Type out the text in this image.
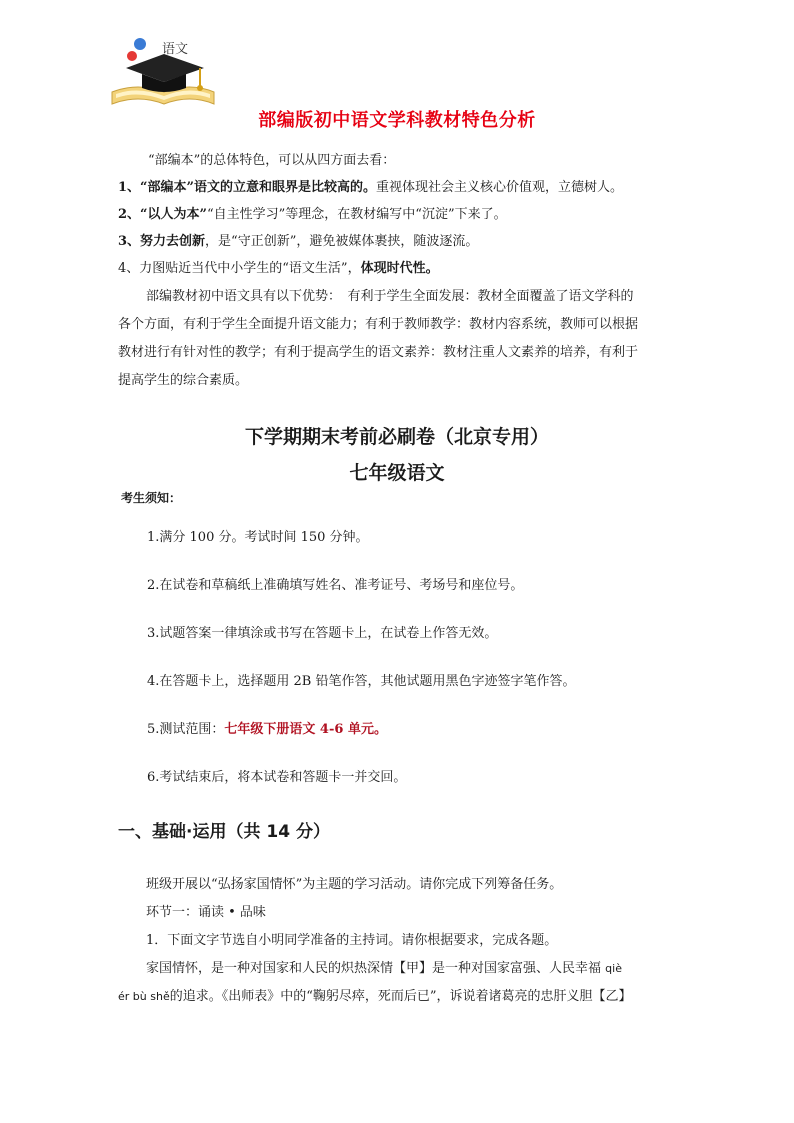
语文
部编版初中语文学科教材特色分析
“部编本”的总体特色，可以从四方面去看：
1、“部编本”语文的立意和眼界是比较高的。重视体现社会主义核心价值观，立德树人。
2、“以人为本”“自主性学习”等理念，在教材编写中“沉淀”下来了。
3、努力去创新，是“守正创新”，避免被媒体裹挟，随波逐流。
4、力图贴近当代中小学生的“语文生活”，体现时代性。
部编教材初中语文具有以下优势：　有利于学生全面发展：教材全面覆盖了语文学科的
各个方面，有利于学生全面提升语文能力；有利于教师教学：教材内容系统，教师可以根据
教材进行有针对性的教学；有利于提高学生的语文素养：教材注重人文素养的培养，有利于
提高学生的综合素质。
下学期期末考前必刷卷（北京专用）
七年级语文
考生须知：
1.满分 100 分。考试时间 150 分钟。
2.在试卷和草稿纸上准确填写姓名、准考证号、考场号和座位号。
3.试题答案一律填涂或书写在答题卡上，在试卷上作答无效。
4.在答题卡上，选择题用 2B 铅笔作答，其他试题用黑色字迹签字笔作答。
5.测试范围：七年级下册语文 4-6 单元。
6.考试结束后，将本试卷和答题卡一并交回。
一、基础·运用（共 14 分）
班级开展以“弘扬家国情怀”为主题的学习活动。请你完成下列筹备任务。
环节一：诵读 • 品味
1．下面文字节选自小明同学准备的主持词。请你根据要求，完成各题。
家国情怀，是一种对国家和人民的炽热深情【甲】是一种对国家富强、人民幸福 qiè
ér bù shě的追求。《出师表》中的“鞠躬尽瘁，死而后已”，诉说着诸葛亮的忠肝义胆【乙】
